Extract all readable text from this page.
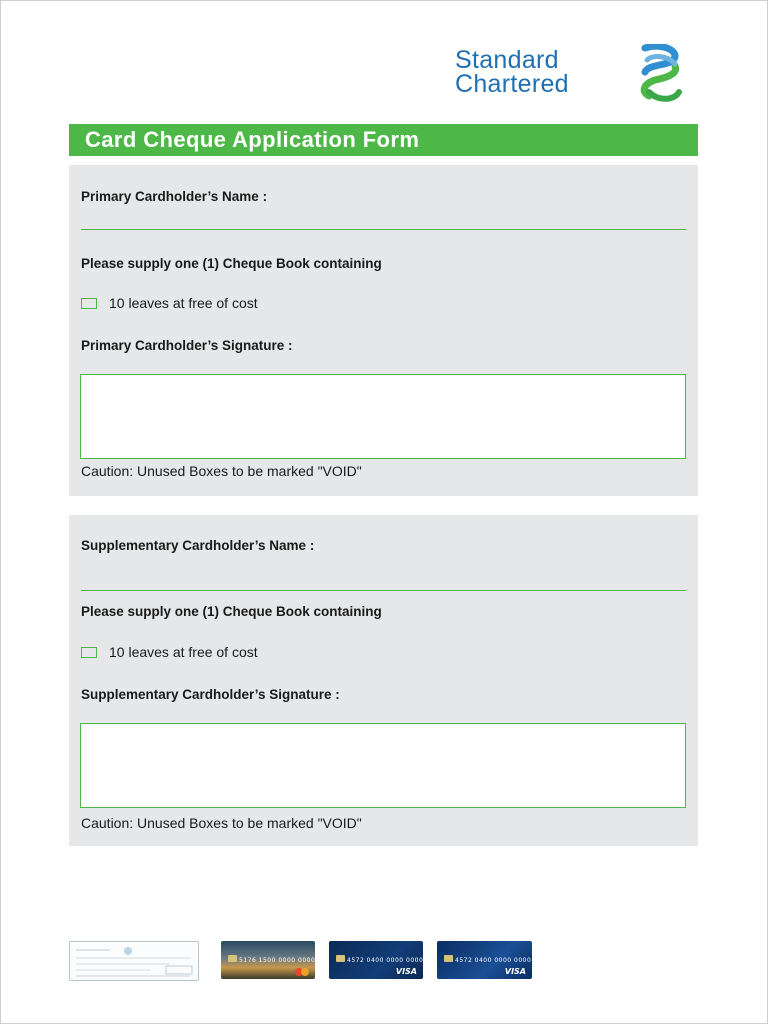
Standard
Chartered
Card Cheque Application Form
Primary Cardholder’s Name :
Please supply one (1) Cheque Book containing
10 leaves at free of cost
Primary Cardholder’s Signature :
Caution: Unused Boxes to be marked "VOID"
Supplementary Cardholder’s Name :
Please supply one (1) Cheque Book containing
10 leaves at free of cost
Supplementary Cardholder’s Signature :
Caution: Unused Boxes to be marked "VOID"
5176 1500 0000 0000	4572 0400 0000 0000
VISA
4572 0400 0000 0000
VISA
